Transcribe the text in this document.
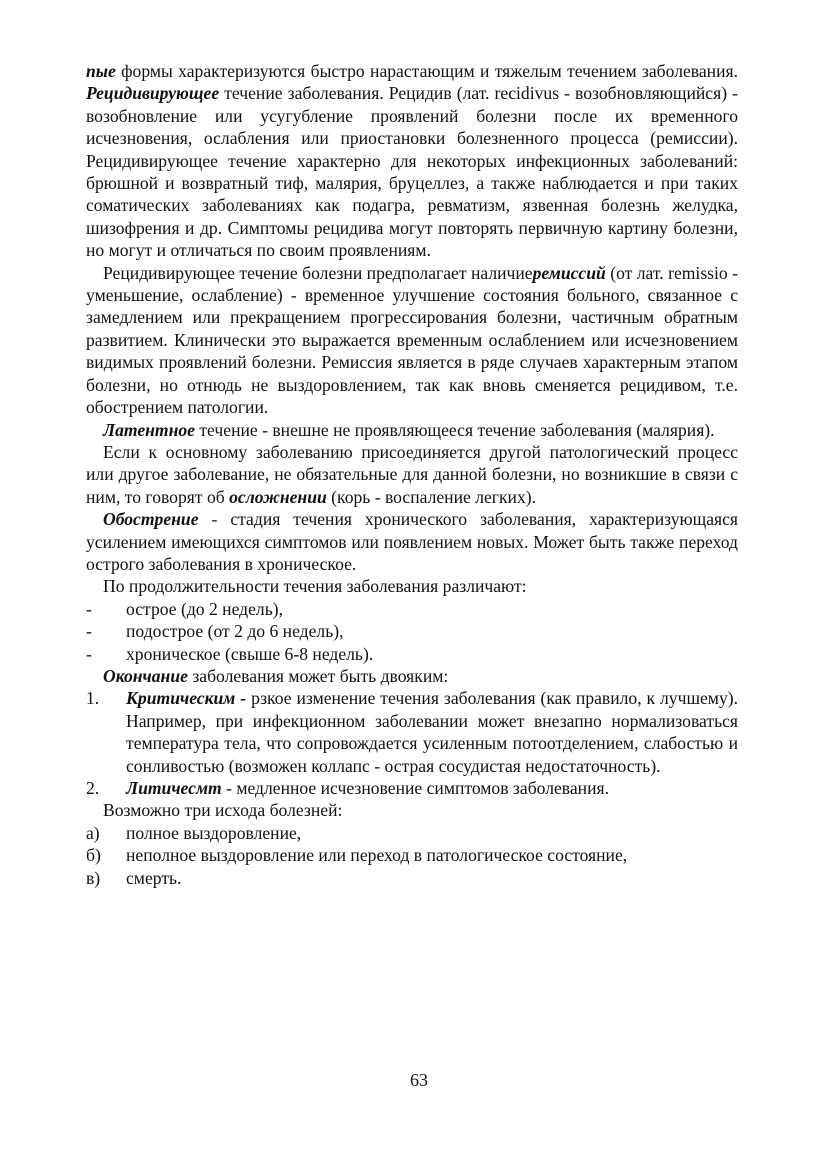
пые формы характеризуются быстро нарастающим и тяжелым течением заболевания. Рецидивирующее течение заболевания. Рецидив (лат. recidivus - возобновляющийся) - возобновление или усугубление проявлений болезни после их временного исчезновения, ослабления или приостановки болезненного процесса (ремиссии). Рецидивирующее течение характерно для некоторых инфекционных заболеваний: брюшной и возвратный тиф, малярия, бруцеллез, а также наблюдается и при таких соматических заболеваниях как подагра, ревматизм, язвенная болезнь желудка, шизофрения и др. Симптомы рецидива могут повторять первичную картину болезни, но могут и отличаться по своим проявлениям.

Рецидивирующее течение болезни предполагает наличиеремиссий (от лат. remissio - уменьшение, ослабление) - временное улучшение состояния больного, связанное с замедлением или прекращением прогрессирования болезни, частичным обратным развитием. Клинически это выражается временным ослаблением или исчезновением видимых проявлений болезни. Ремиссия является в ряде случаев характерным этапом болезни, но отнюдь не выздоровлением, так как вновь сменяется рецидивом, т.е. обострением патологии.

Латентное течение - внешне не проявляющееся течение заболевания (малярия).

Если к основному заболеванию присоединяется другой патологический процесс или другое заболевание, не обязательные для данной болезни, но возникшие в связи с ним, то говорят об осложнении (корь - воспаление легких).

Обострение - стадия течения хронического заболевания, характеризующаяся усилением имеющихся симптомов или появлением новых. Может быть также переход острого заболевания в хроническое.

По продолжительности течения заболевания различают:

-	острое (до 2 недель),

-	подострое (от 2 до 6 недель),

-	хроническое (свыше 6-8 недель).

Окончание заболевания может быть двояким:

1.	Критическим - рзкое изменение течения заболевания (как правило, к лучшему). Например, при инфекционном заболевании может внезапно нормализоваться температура тела, что сопровождается усиленным потоотделением, слабостью и сонливостью (возможен коллапс - острая сосудистая недостаточность).

2.	Литичесмт - медленное исчезновение симптомов заболевания.

Возможно три исхода болезней:

а)	полное выздоровление,

б)	неполное выздоровление или переход в патологическое состояние,

в)	смерть.

63
